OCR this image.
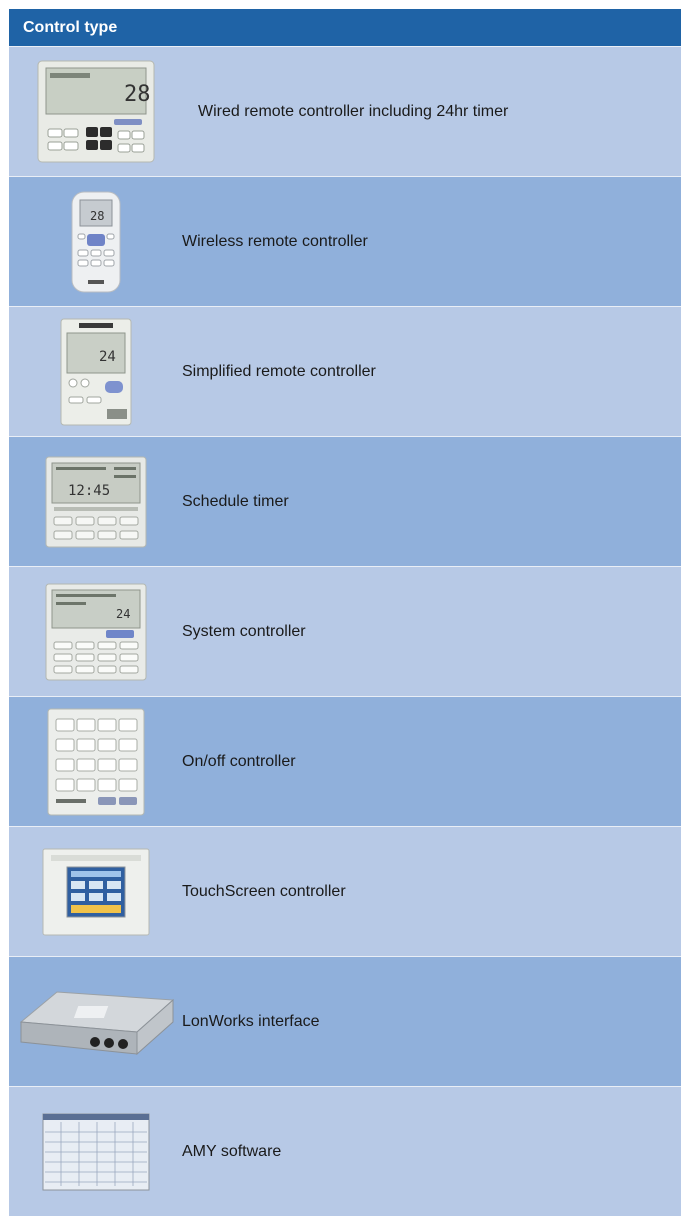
Control type
28
Wired remote controller including 24hr timer
28
Wireless remote controller
24
Simplified remote controller
12:45
Schedule timer
24
System controller
On/off controller
TouchScreen controller
LonWorks interface
AMY software
